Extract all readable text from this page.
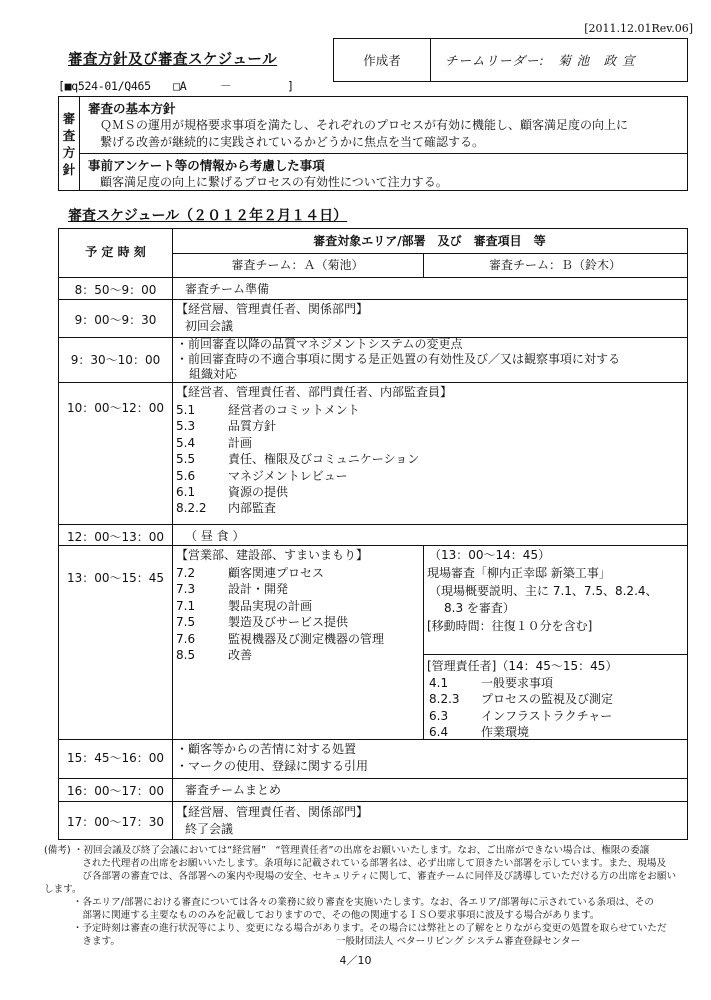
[2011.12.01Rev.06]
審査方針及び審査スケジュール	作成者	チームリーダー:　菊 池　政 宣
[■q524-01/Q465　　□A　　　－　　　　　]
審
査
方
針
審査の基本方針
ＱＭＳの運用が規格要求事項を満たし、それぞれのプロセスが有効に機能し、顧客満足度の向上に
繋げる改善が継続的に実践されているかどうかに焦点を当て確認する。
事前アンケート等の情報から考慮した事項
顧客満足度の向上に繋げるプロセスの有効性について注力する。
審査スケジュール（２０１２年２月１４日）
予 定 時 刻
審査対象エリア/部署　及び　審査項目　等
審査チーム：Ａ（菊池）	審査チーム：Ｂ（鈴木）
8：50～9：00	審査チーム準備
9：00～9：30
【経営層、管理責任者、関係部門】
初回会議
9：30～10：00
・前回審査以降の品質マネジメントシステムの変更点
・前回審査時の不適合事項に関する是正処置の有効性及び／又は観察事項に対する
組織対応
10：00～12：00
【経営者、管理責任者、部門責任者、内部監査員】
5.1	経営者のコミットメント
5.3	品質方針
5.4	計画
5.5	責任、権限及びコミュニケーション
5.6	マネジメントレビュー
6.1	資源の提供
8.2.2	内部監査
12：00～13：00	（ 昼 食 ）
13：00～15：45
【営業部、建設部、すまいまもり】
7.2	顧客関連プロセス
7.3	設計・開発
7.1	製品実現の計画
7.5	製造及びサービス提供
7.6	監視機器及び測定機器の管理
8.5	改善
（13：00～14：45）
現場審査「柳内正幸邸 新築工事」
（現場概要説明、主に 7.1、7.5、8.2.4、
8.3 を審査）
[移動時間：往復１０分を含む]
[管理責任者]（14：45～15：45）
4.1	一般要求事項
8.2.3	プロセスの監視及び測定
6.3	インフラストラクチャー
6.4	作業環境
15：45～16：00
・顧客等からの苦情に対する処置
・マークの使用、登録に関する引用
16：00～17：00	審査チームまとめ
17：00～17：30
【経営層、管理責任者、関係部門】
終了会議

(備考) ・初回会議及び終了会議においては“経営層”　“管理責任者”の出席をお願いいたします。なお、ご出席ができない場合は、権限の委譲

　　　　された代理者の出席をお願いいたします。条項毎に記載されている部署名は、必ず出席して頂きたい部署を示しています。また、現場及

　　　　び各部署の審査では、各部署への案内や現場の安全、セキュリティに関して、審査チームに同伴及び誘導していただける方の出席をお願いします。

　　　・各エリア/部署における審査については各々の業務に絞り審査を実施いたします。なお、各エリア/部署毎に示されている条項は、その

　　　　部署に関連する主要なもののみを記載しておりますので、その他の関連するＩＳＯ要求事項に波及する場合があります。

　　　・予定時刻は審査の進行状況等により、変更になる場合があります。その場合には弊社との了解をとりながら変更の処置を取らせていただ

　　　　きます。　　　　　　　　　　　　　　　　　　　　　　　一般財団法人 ベターリビング システム審査登録センター

4／10
